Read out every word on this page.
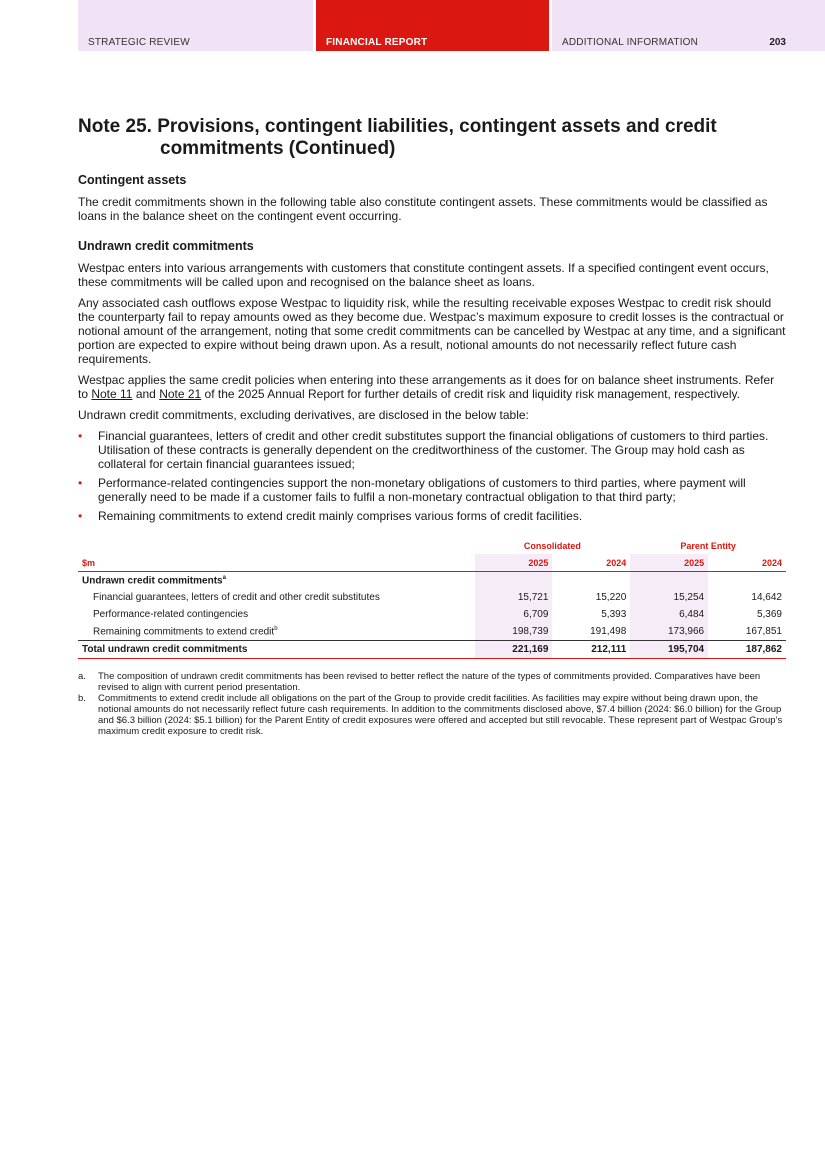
STRATEGIC REVIEW	FINANCIAL REPORT	ADDITIONAL INFORMATION	203
Note 25. Provisions, contingent liabilities, contingent assets and credit
commitments (Continued)
Contingent assets

The credit commitments shown in the following table also constitute contingent assets. These commitments would be classified as loans in the balance sheet on the contingent event occurring.

Undrawn credit commitments

Westpac enters into various arrangements with customers that constitute contingent assets. If a specified contingent event occurs, these commitments will be called upon and recognised on the balance sheet as loans.

Any associated cash outflows expose Westpac to liquidity risk, while the resulting receivable exposes Westpac to credit risk should the counterparty fail to repay amounts owed as they become due. Westpac’s maximum exposure to credit losses is the contractual or notional amount of the arrangement, noting that some credit commitments can be cancelled by Westpac at any time, and a significant portion are expected to expire without being drawn upon. As a result, notional amounts do not necessarily reflect future cash requirements.

Westpac applies the same credit policies when entering into these arrangements as it does for on balance sheet instruments. Refer to Note 11 and Note 21 of the 2025 Annual Report for further details of credit risk and liquidity risk management, respectively.

Undrawn credit commitments, excluding derivatives, are disclosed in the below table:

• Financial guarantees, letters of credit and other credit substitutes support the financial obligations of customers to third parties. Utilisation of these contracts is generally dependent on the creditworthiness of the customer. The Group may hold cash as collateral for certain financial guarantees issued;
• Performance-related contingencies support the non-monetary obligations of customers to third parties, where payment will generally need to be made if a customer fails to fulfil a non-monetary contractual obligation to that third party;
• Remaining commitments to extend credit mainly comprises various forms of credit facilities.
	Consolidated		Parent Entity	
$m	2025	2024	2025	2024
Undrawn credit commitments$^a$				
Financial guarantees, letters of credit and other credit substitutes	15,721	15,220	15,254	14,642
Performance-related contingencies	6,709	5,393	6,484	5,369
Remaining commitments to extend credit$^b$	198,739	191,498	173,966	167,851
Total undrawn credit commitments	221,169	212,111	195,704	187,862
a.	The composition of undrawn credit commitments has been revised to better reflect the nature of the types of commitments provided. Comparatives have been revised to align with current period presentation.
b.	Commitments to extend credit include all obligations on the part of the Group to provide credit facilities. As facilities may expire without being drawn upon, the notional amounts do not necessarily reflect future cash requirements. In addition to the commitments disclosed above, $7.4 billion (2024: $6.0 billion) for the Group and $6.3 billion (2024: $5.1 billion) for the Parent Entity of credit exposures were offered and accepted but still revocable. These represent part of Westpac Group’s maximum credit exposure to credit risk.
